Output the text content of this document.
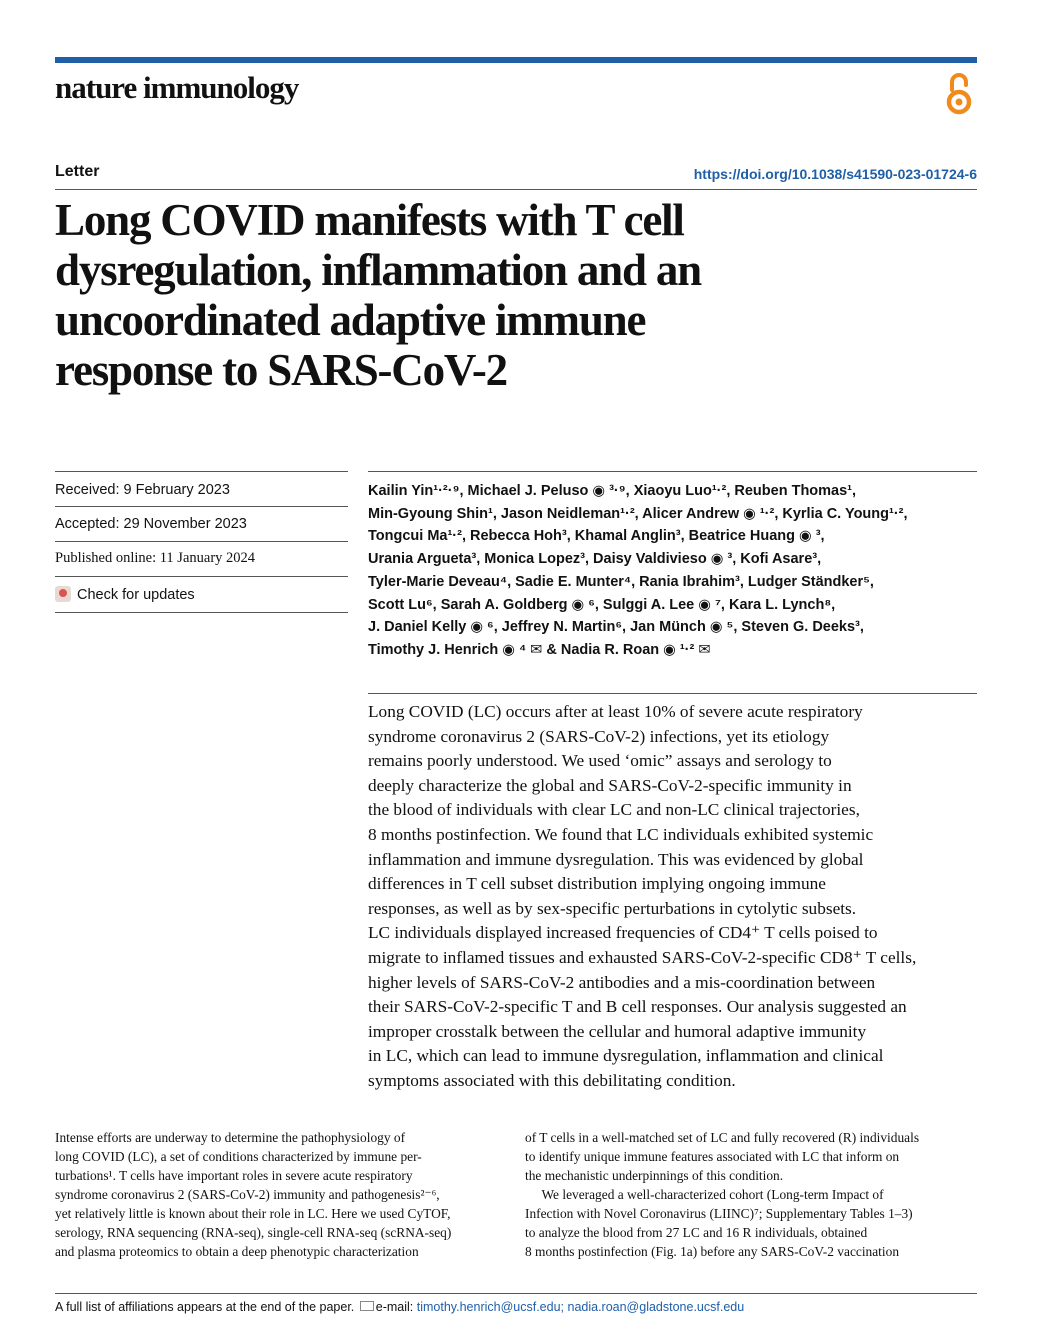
nature immunology
Letter	https://doi.org/10.1038/s41590-023-01724-6
Long COVID manifests with T cell
dysregulation, inflammation and an
uncoordinated adaptive immune
response to SARS-CoV-2
Received: 9 February 2023
Accepted: 29 November 2023
Published online: 11 January 2024
Check for updates
Kailin Yin¹·²·⁹, Michael J. Peluso ◉ ³·⁹, Xiaoyu Luo¹·², Reuben Thomas¹,
Min-Gyoung Shin¹, Jason Neidleman¹·², Alicer Andrew ◉ ¹·², Kyrlia C. Young¹·²,
Tongcui Ma¹·², Rebecca Hoh³, Khamal Anglin³, Beatrice Huang ◉ ³,
Urania Argueta³, Monica Lopez³, Daisy Valdivieso ◉ ³, Kofi Asare³,
Tyler-Marie Deveau⁴, Sadie E. Munter⁴, Rania Ibrahim³, Ludger Ständker⁵,
Scott Lu⁶, Sarah A. Goldberg ◉ ⁶, Sulggi A. Lee ◉ ⁷, Kara L. Lynch⁸,
J. Daniel Kelly ◉ ⁶, Jeffrey N. Martin⁶, Jan Münch ◉ ⁵, Steven G. Deeks³,
Timothy J. Henrich ◉ ⁴ ✉ & Nadia R. Roan ◉ ¹·² ✉
Long COVID (LC) occurs after at least 10% of severe acute respiratory
syndrome coronavirus 2 (SARS-CoV-2) infections, yet its etiology
remains poorly understood. We used ‘omic” assays and serology to
deeply characterize the global and SARS-CoV-2-specific immunity in
the blood of individuals with clear LC and non-LC clinical trajectories,
8 months postinfection. We found that LC individuals exhibited systemic
inflammation and immune dysregulation. This was evidenced by global
differences in T cell subset distribution implying ongoing immune
responses, as well as by sex-specific perturbations in cytolytic subsets.
LC individuals displayed increased frequencies of CD4⁺ T cells poised to
migrate to inflamed tissues and exhausted SARS-CoV-2-specific CD8⁺ T cells,
higher levels of SARS-CoV-2 antibodies and a mis-coordination between
their SARS-CoV-2-specific T and B cell responses. Our analysis suggested an
improper crosstalk between the cellular and humoral adaptive immunity
in LC, which can lead to immune dysregulation, inflammation and clinical
symptoms associated with this debilitating condition.
Intense efforts are underway to determine the pathophysiology of
long COVID (LC), a set of conditions characterized by immune per-
turbations¹. T cells have important roles in severe acute respiratory
syndrome coronavirus 2 (SARS-CoV-2) immunity and pathogenesis²⁻⁶,
yet relatively little is known about their role in LC. Here we used CyTOF,
serology, RNA sequencing (RNA-seq), single-cell RNA-seq (scRNA-seq)
and plasma proteomics to obtain a deep phenotypic characterization
of T cells in a well-matched set of LC and fully recovered (R) individuals
to identify unique immune features associated with LC that inform on
the mechanistic underpinnings of this condition.
We leveraged a well-characterized cohort (Long-term Impact of
Infection with Novel Coronavirus (LIINC)⁷; Supplementary Tables 1–3)
to analyze the blood from 27 LC and 16 R individuals, obtained
8 months postinfection (Fig. 1a) before any SARS-CoV-2 vaccination
A full list of affiliations appears at the end of the paper. e-mail: timothy.henrich@ucsf.edu; nadia.roan@gladstone.ucsf.edu
